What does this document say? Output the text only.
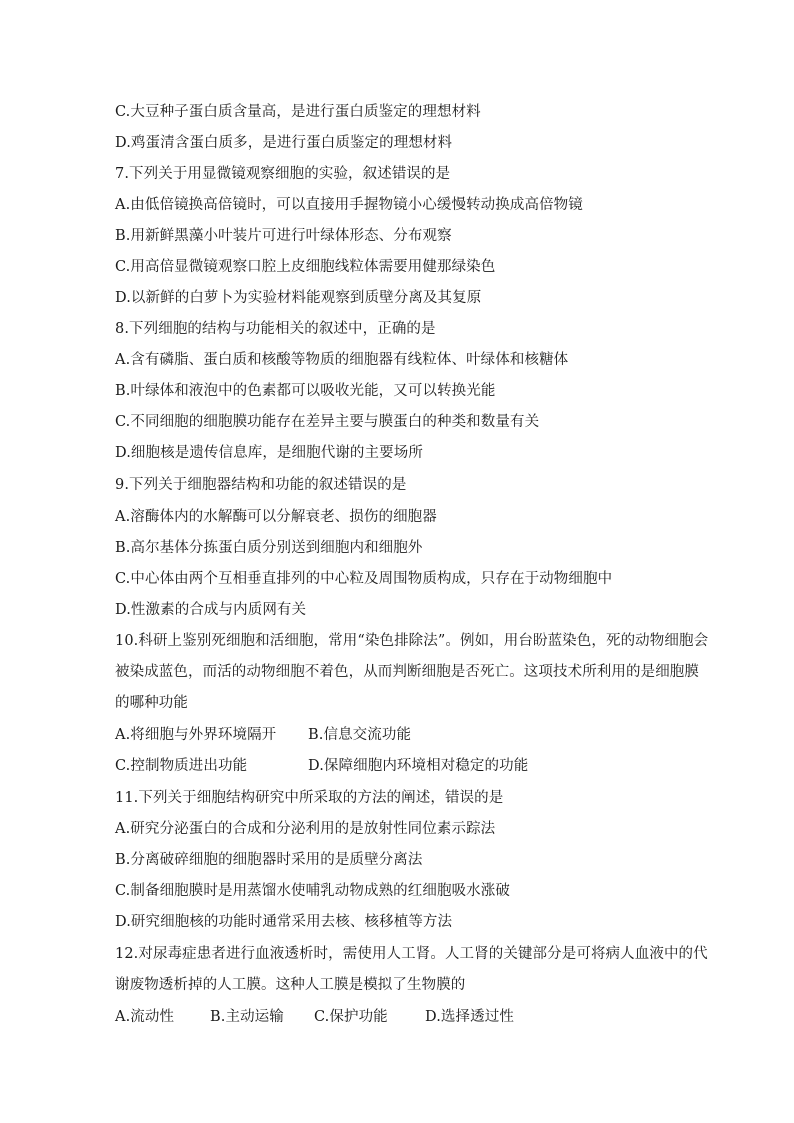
C.大豆种子蛋白质含量高，是进行蛋白质鉴定的理想材料
D.鸡蛋清含蛋白质多，是进行蛋白质鉴定的理想材料
7.下列关于用显微镜观察细胞的实验，叙述错误的是
A.由低倍镜换高倍镜时，可以直接用手握物镜小心缓慢转动换成高倍物镜
B.用新鲜黑藻小叶装片可进行叶绿体形态、分布观察
C.用高倍显微镜观察口腔上皮细胞线粒体需要用健那绿染色
D.以新鲜的白萝卜为实验材料能观察到质壁分离及其复原
8.下列细胞的结构与功能相关的叙述中，正确的是
A.含有磷脂、蛋白质和核酸等物质的细胞器有线粒体、叶绿体和核糖体
B.叶绿体和液泡中的色素都可以吸收光能，又可以转换光能
C.不同细胞的细胞膜功能存在差异主要与膜蛋白的种类和数量有关
D.细胞核是遗传信息库，是细胞代谢的主要场所
9.下列关于细胞器结构和功能的叙述错误的是
A.溶酶体内的水解酶可以分解衰老、损伤的细胞器
B.高尔基体分拣蛋白质分别送到细胞内和细胞外
C.中心体由两个互相垂直排列的中心粒及周围物质构成，只存在于动物细胞中
D.性激素的合成与内质网有关
10.科研上鉴别死细胞和活细胞，常用“染色排除法”。例如，用台盼蓝染色，死的动物细胞会
被染成蓝色，而活的动物细胞不着色，从而判断细胞是否死亡。这项技术所利用的是细胞膜
的哪种功能
A.将细胞与外界环境隔开 B.信息交流功能
C.控制物质进出功能	D.保障细胞内环境相对稳定的功能
11.下列关于细胞结构研究中所采取的方法的阐述，错误的是
A.研究分泌蛋白的合成和分泌利用的是放射性同位素示踪法
B.分离破碎细胞的细胞器时采用的是质壁分离法
C.制备细胞膜时是用蒸馏水使哺乳动物成熟的红细胞吸水涨破
D.研究细胞核的功能时通常采用去核、核移植等方法
12.对尿毒症患者进行血液透析时，需使用人工肾。人工肾的关键部分是可将病人血液中的代
谢废物透析掉的人工膜。这种人工膜是模拟了生物膜的
A.流动性 B.主动运输 C.保护功能	D.选择透过性
